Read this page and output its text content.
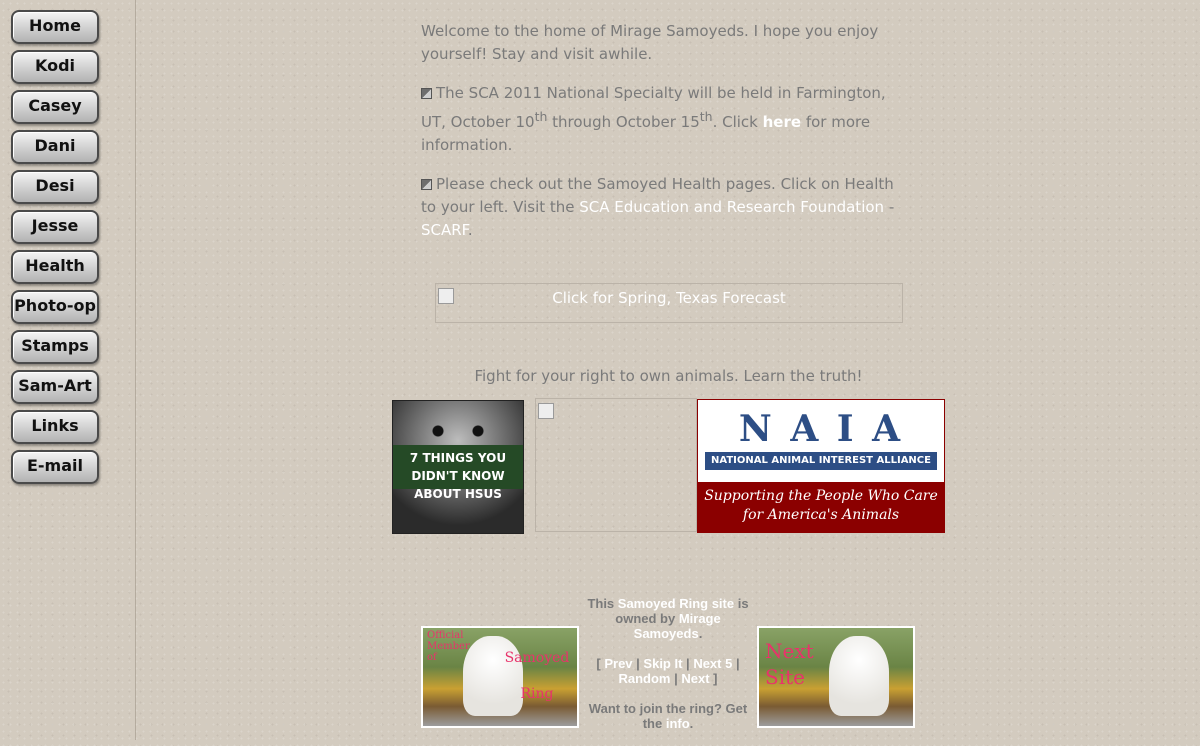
Home
Kodi
Casey
Dani
Desi
Jesse
Health
Photo-op
Stamps
Sam-Art
Links
E-mail

Welcome to the home of Mirage Samoyeds. I hope you enjoy yourself! Stay and visit awhile.

The SCA 2011 National Specialty will be held in Farmington, UT, October 10th through October 15th. Click here for more information.

Please check out the Samoyed Health pages. Click on Health to your left. Visit the SCA Education and Research Foundation - SCARF.

Click for Spring, Texas Forecast
Fight for your right to own animals. Learn the truth!
7 THINGS YOU DIDN'T KNOW ABOUT HSUS
N A I A
NATIONAL ANIMAL INTEREST ALLIANCE
Supporting the People Who Care for America's Animals
Official Member of	Samoyed Ring

This Samoyed Ring site is owned by Mirage Samoyeds.

[ Prev | Skip It | Next 5 | Random | Next ]

Want to join the ring? Get the info.

Next Site
